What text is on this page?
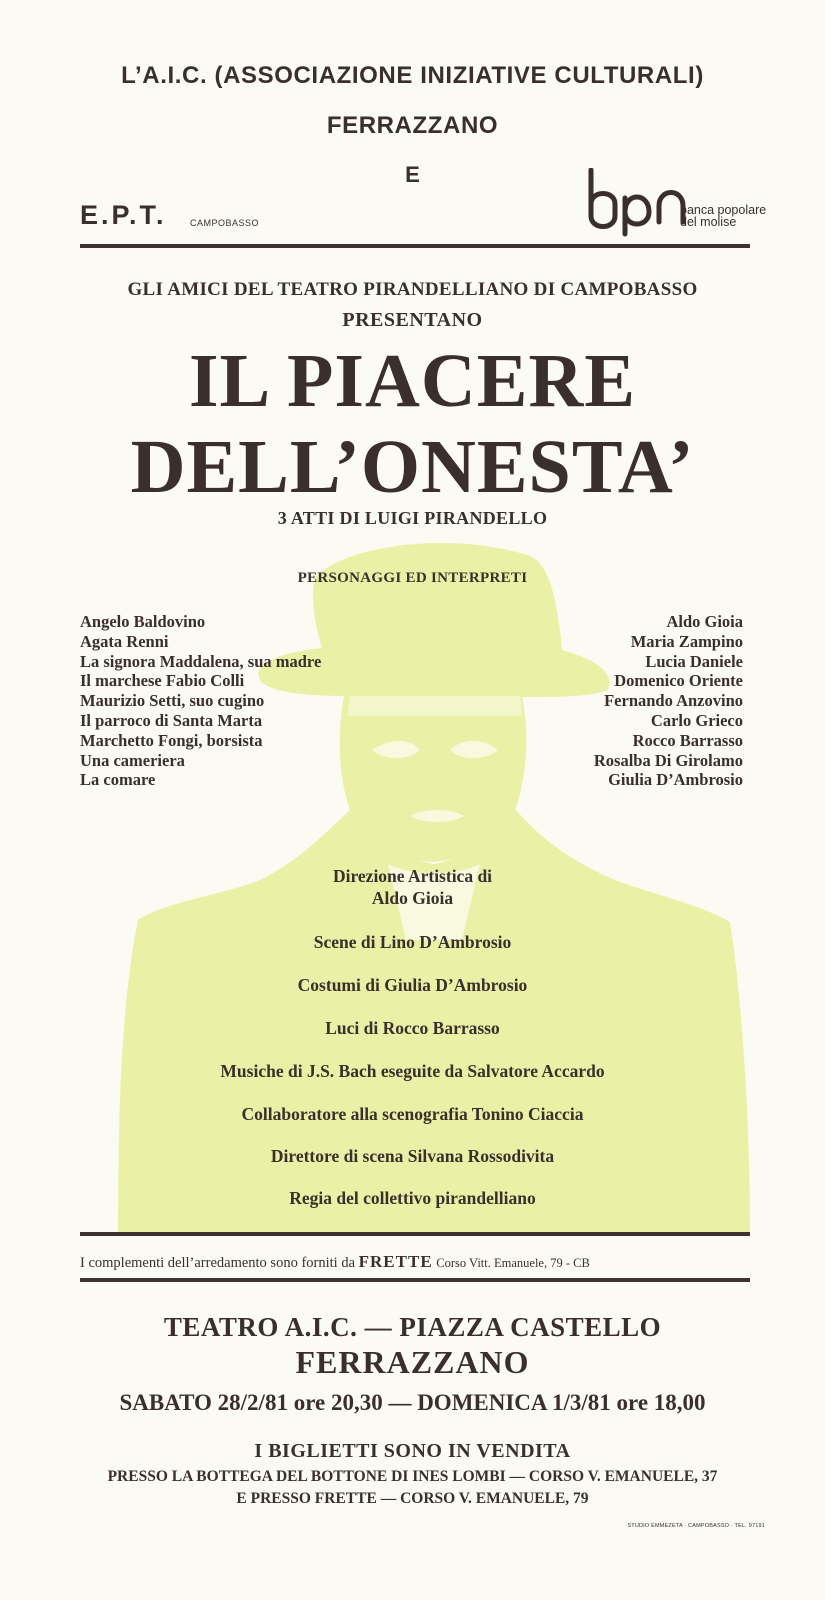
L’A.I.C. (ASSOCIAZIONE INIZIATIVE CULTURALI)
FERRAZZANO
E
E.P.T.	CAMPOBASSO
banca popolare
del molise
GLI AMICI DEL TEATRO PIRANDELLIANO DI CAMPOBASSO
PRESENTANO
IL PIACERE
DELL’ONESTA’
3 ATTI DI LUIGI PIRANDELLO
PERSONAGGI ED INTERPRETI
Angelo Baldovino
Agata Renni
La signora Maddalena, sua madre
Il marchese Fabio Colli
Maurizio Setti, suo cugino
Il parroco di Santa Marta
Marchetto Fongi, borsista
Una cameriera
La comare
Aldo Gioia
Maria Zampino
Lucia Daniele
Domenico Oriente
Fernando Anzovino
Carlo Grieco
Rocco Barrasso
Rosalba Di Girolamo
Giulia D’Ambrosio
Direzione Artistica di
Aldo Gioia
Scene di Lino D’Ambrosio
Costumi di Giulia D’Ambrosio
Luci di Rocco Barrasso
Musiche di J.S. Bach eseguite da Salvatore Accardo
Collaboratore alla scenografia Tonino Ciaccia
Direttore di scena Silvana Rossodivita
Regia del collettivo pirandelliano
I complementi dell’arredamento sono forniti da FRETTE Corso Vitt. Emanuele, 79 - CB
TEATRO A.I.C. — PIAZZA CASTELLO
FERRAZZANO
SABATO 28/2/81 ore 20,30 — DOMENICA 1/3/81 ore 18,00
I BIGLIETTI SONO IN VENDITA
PRESSO LA BOTTEGA DEL BOTTONE DI INES LOMBI — CORSO V. EMANUELE, 37
E PRESSO FRETTE — CORSO V. EMANUELE, 79
STUDIO EMMEZETA · CAMPOBASSO · TEL. 97191
